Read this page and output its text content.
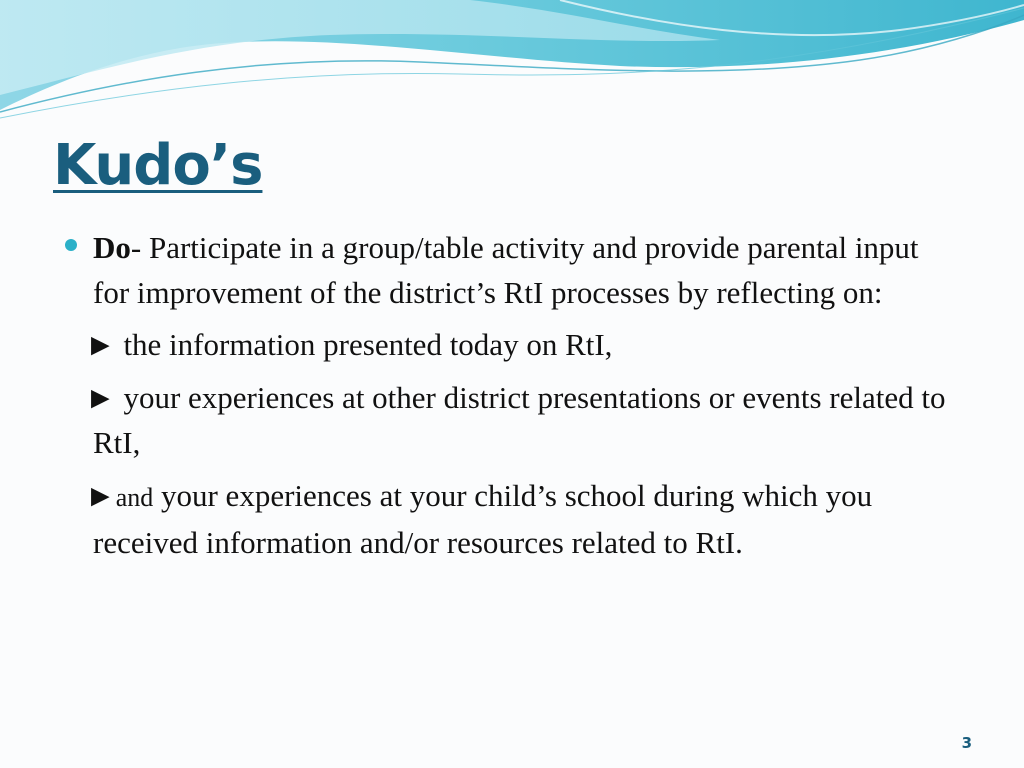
Kudo’s
Do- Participate in a group/table activity and provide parental input for improvement of the district’s RtI processes by reflecting on:
► the information presented today on RtI,
► your experiences at other district presentations or events related to RtI,
►and your experiences at your child’s school during which you received information and/or resources related to RtI.
3
